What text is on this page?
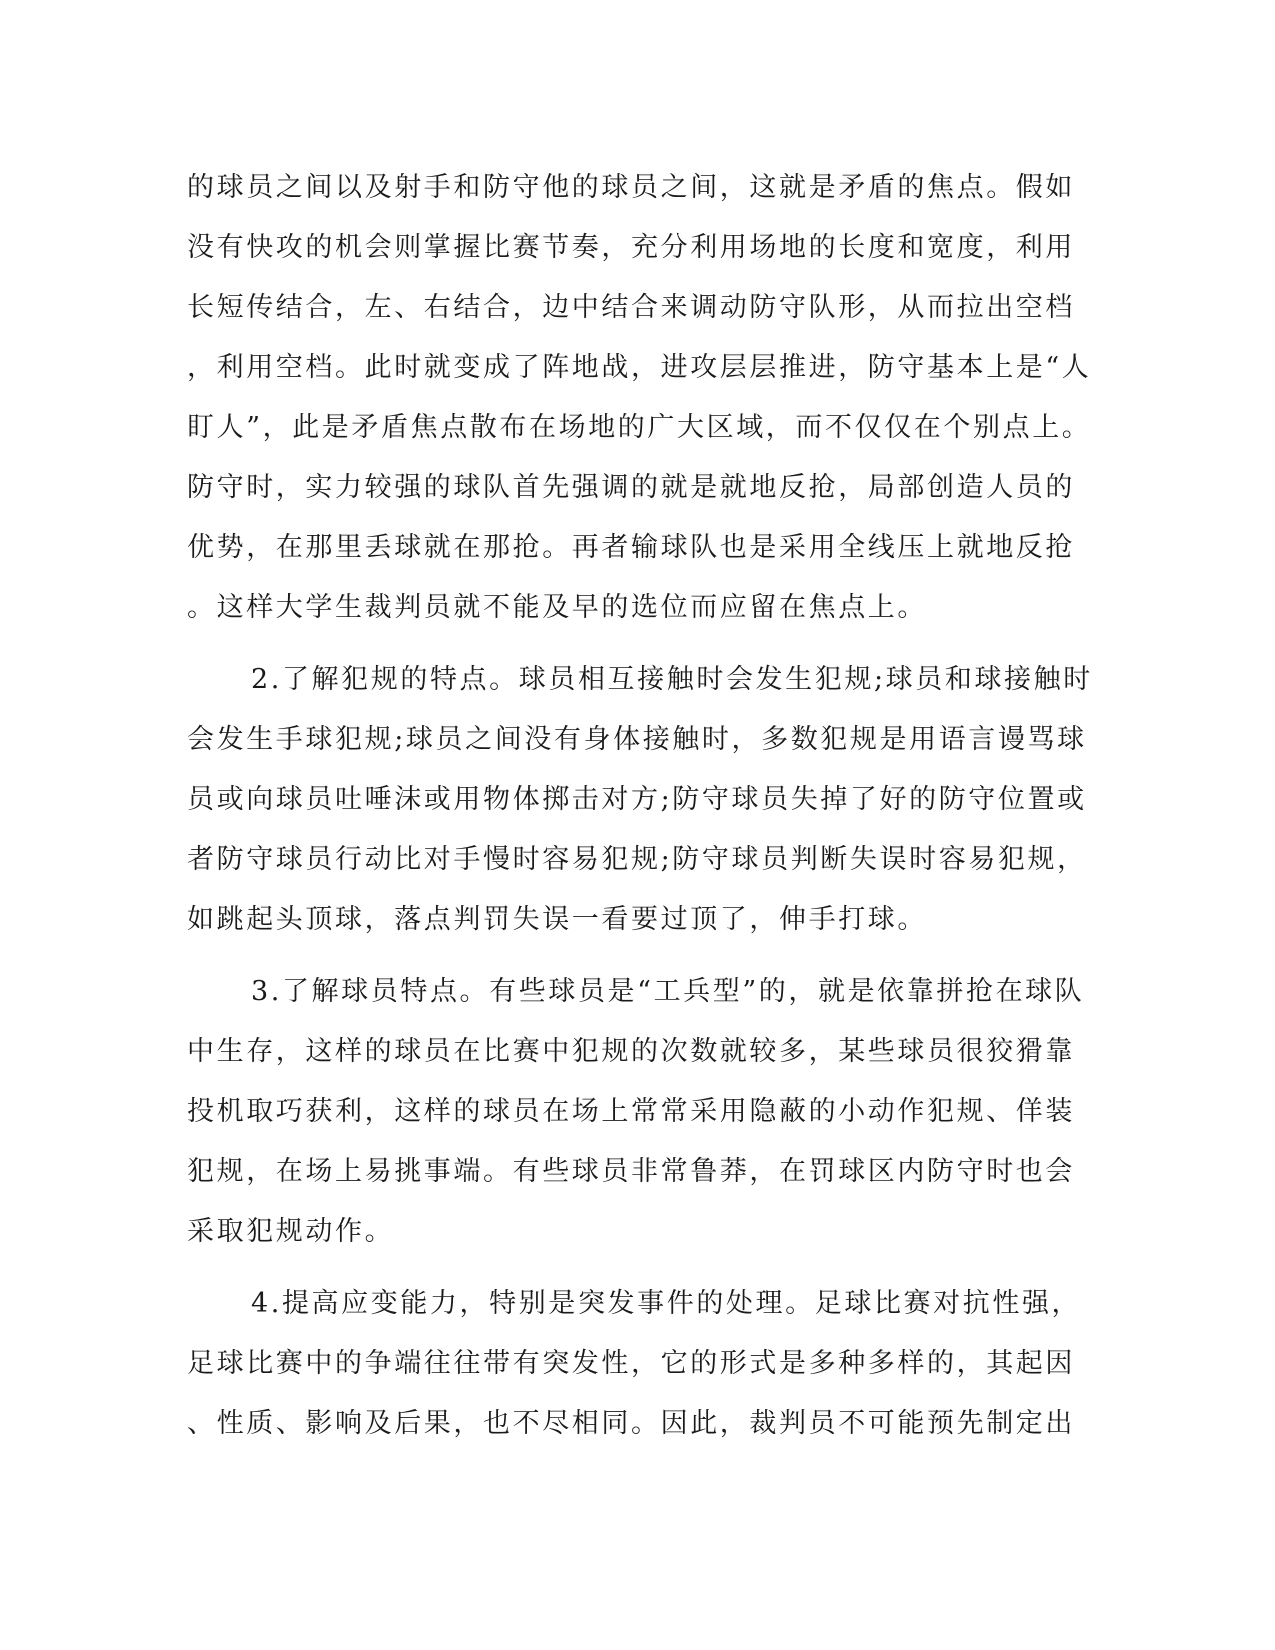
的球员之间以及射手和防守他的球员之间，这就是矛盾的焦点。假如
没有快攻的机会则掌握比赛节奏，充分利用场地的长度和宽度，利用
长短传结合，左、右结合，边中结合来调动防守队形，从而拉出空档
，利用空档。此时就变成了阵地战，进攻层层推进，防守基本上是“人
盯人”，此是矛盾焦点散布在场地的广大区域，而不仅仅在个别点上。
防守时，实力较强的球队首先强调的就是就地反抢，局部创造人员的
优势，在那里丢球就在那抢。再者输球队也是采用全线压上就地反抢
。这样大学生裁判员就不能及早的选位而应留在焦点上。
2.了解犯规的特点。球员相互接触时会发生犯规;球员和球接触时
会发生手球犯规;球员之间没有身体接触时，多数犯规是用语言谩骂球
员或向球员吐唾沫或用物体掷击对方;防守球员失掉了好的防守位置或
者防守球员行动比对手慢时容易犯规;防守球员判断失误时容易犯规，
如跳起头顶球，落点判罚失误一看要过顶了，伸手打球。
3.了解球员特点。有些球员是“工兵型”的，就是依靠拼抢在球队
中生存，这样的球员在比赛中犯规的次数就较多，某些球员很狡猾靠
投机取巧获利，这样的球员在场上常常采用隐蔽的小动作犯规、佯装
犯规，在场上易挑事端。有些球员非常鲁莽，在罚球区内防守时也会
采取犯规动作。
4.提高应变能力，特别是突发事件的处理。足球比赛对抗性强，
足球比赛中的争端往往带有突发性，它的形式是多种多样的，其起因
、性质、影响及后果，也不尽相同。因此，裁判员不可能预先制定出
